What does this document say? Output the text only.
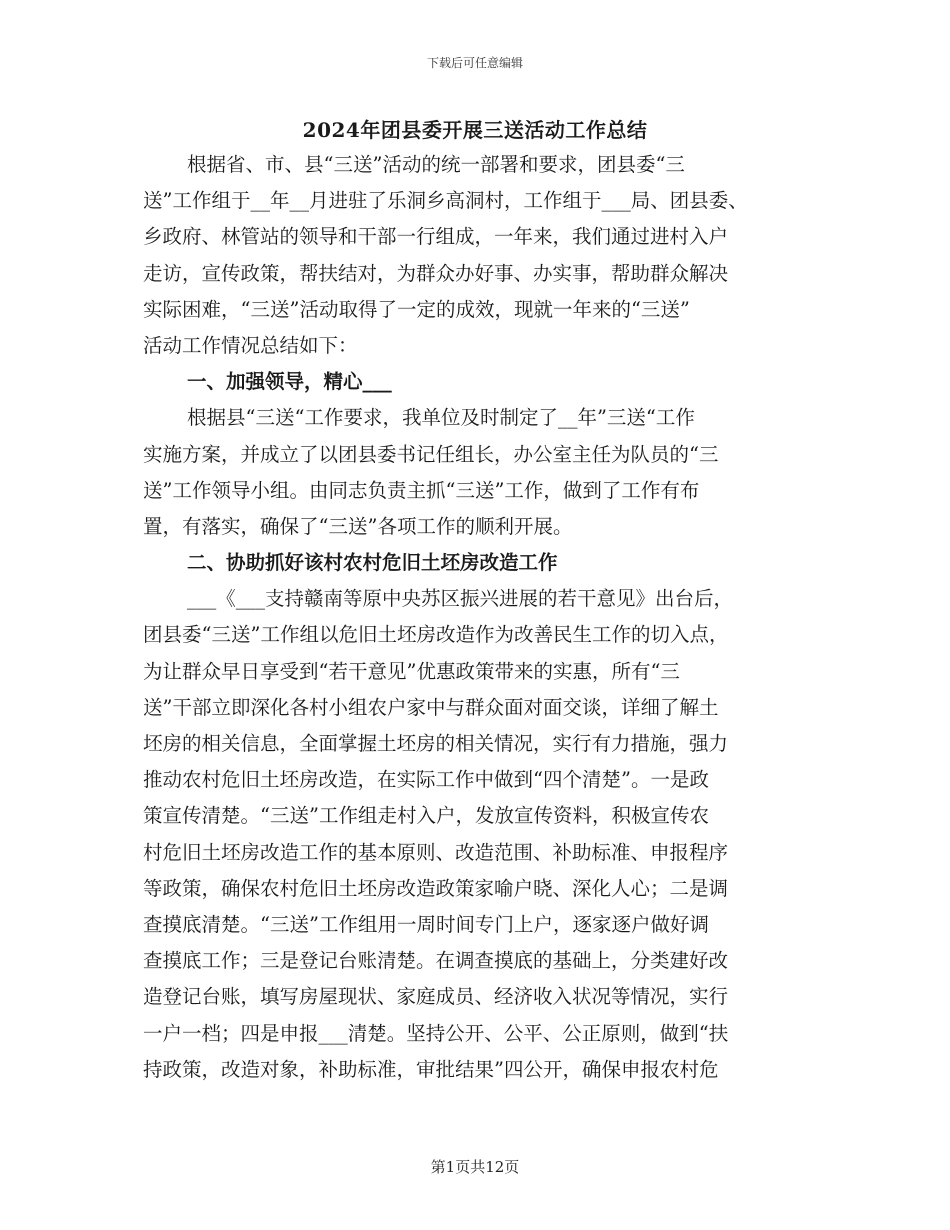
下载后可任意编辑
2024年团县委开展三送活动工作总结
根据省、市、县“三送”活动的统一部署和要求，团县委“三
送”工作组于__年__月进驻了乐洞乡高洞村，工作组于___局、团县委、
乡政府、林管站的领导和干部一行组成，一年来，我们通过进村入户
走访，宣传政策，帮扶结对，为群众办好事、办实事，帮助群众解决
实际困难，“三送”活动取得了一定的成效，现就一年来的“三送”
活动工作情况总结如下：
一、加强领导，精心___
根据县“三送“工作要求，我单位及时制定了__年”三送“工作
实施方案，并成立了以团县委书记任组长，办公室主任为队员的“三
送”工作领导小组。由同志负责主抓“三送”工作，做到了工作有布
置，有落实，确保了“三送”各项工作的顺利开展。
二、协助抓好该村农村危旧土坯房改造工作
___《___支持赣南等原中央苏区振兴进展的若干意见》出台后，
团县委“三送”工作组以危旧土坯房改造作为改善民生工作的切入点，
为让群众早日享受到“若干意见”优惠政策带来的实惠，所有“三
送”干部立即深化各村小组农户家中与群众面对面交谈，详细了解土
坯房的相关信息，全面掌握土坯房的相关情况，实行有力措施，强力
推动农村危旧土坯房改造，在实际工作中做到“四个清楚”。一是政
策宣传清楚。“三送”工作组走村入户，发放宣传资料，积极宣传农
村危旧土坯房改造工作的基本原则、改造范围、补助标准、申报程序
等政策，确保农村危旧土坯房改造政策家喻户晓、深化人心；二是调
查摸底清楚。“三送”工作组用一周时间专门上户，逐家逐户做好调
查摸底工作；三是登记台账清楚。在调查摸底的基础上，分类建好改
造登记台账，填写房屋现状、家庭成员、经济收入状况等情况，实行
一户一档；四是申报___清楚。坚持公开、公平、公正原则，做到“扶
持政策，改造对象，补助标准，审批结果”四公开，确保申报农村危
第1页共12页
